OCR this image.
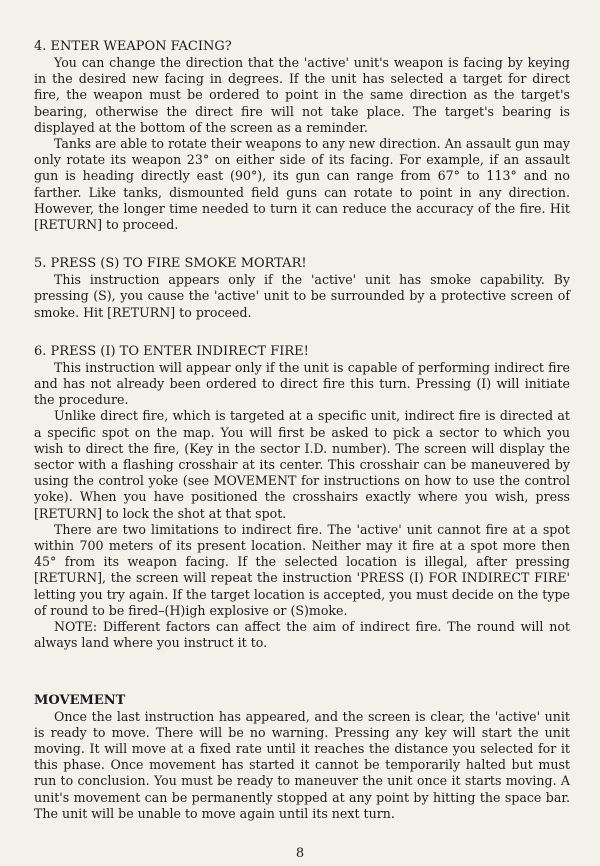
4. ENTER WEAPON FACING?

You can change the direction that the 'active' unit's weapon is facing by keying in the desired new facing in degrees. If the unit has selected a target for direct fire, the weapon must be ordered to point in the same direction as the target's bearing, otherwise the direct fire will not take place. The target's bearing is displayed at the bottom of the screen as a reminder.

Tanks are able to rotate their weapons to any new direction. An assault gun may only rotate its weapon 23° on either side of its facing. For example, if an assault gun is heading directly east (90°), its gun can range from 67° to 113° and no farther. Like tanks, dismounted field guns can rotate to point in any direction. However, the longer time needed to turn it can reduce the accuracy of the fire. Hit [RETURN] to proceed.

5. PRESS (S) TO FIRE SMOKE MORTAR!

This instruction appears only if the 'active' unit has smoke capability. By pressing (S), you cause the 'active' unit to be surrounded by a protective screen of smoke. Hit [RETURN] to proceed.

6. PRESS (I) TO ENTER INDIRECT FIRE!

This instruction will appear only if the unit is capable of performing indirect fire and has not already been ordered to direct fire this turn. Pressing (I) will initiate the procedure.

Unlike direct fire, which is targeted at a specific unit, indirect fire is directed at a specific spot on the map. You will first be asked to pick a sector to which you wish to direct the fire, (Key in the sector I.D. number). The screen will display the sector with a flashing crosshair at its center. This crosshair can be maneuvered by using the control yoke (see MOVEMENT for instructions on how to use the control yoke). When you have positioned the crosshairs exactly where you wish, press [RETURN] to lock the shot at that spot.

There are two limitations to indirect fire. The 'active' unit cannot fire at a spot within 700 meters of its present location. Neither may it fire at a spot more then 45° from its weapon facing. If the selected location is illegal, after pressing [RETURN], the screen will repeat the instruction 'PRESS (I) FOR INDIRECT FIRE' letting you try again. If the target location is accepted, you must decide on the type of round to be fired–(H)igh explosive or (S)moke.

NOTE: Different factors can affect the aim of indirect fire. The round will not always land where you instruct it to.

MOVEMENT

Once the last instruction has appeared, and the screen is clear, the 'active' unit is ready to move. There will be no warning. Pressing any key will start the unit moving. It will move at a fixed rate until it reaches the distance you selected for it this phase. Once movement has started it cannot be temporarily halted but must run to conclusion. You must be ready to maneuver the unit once it starts moving. A unit's movement can be permanently stopped at any point by hitting the space bar. The unit will be unable to move again until its next turn.

8
